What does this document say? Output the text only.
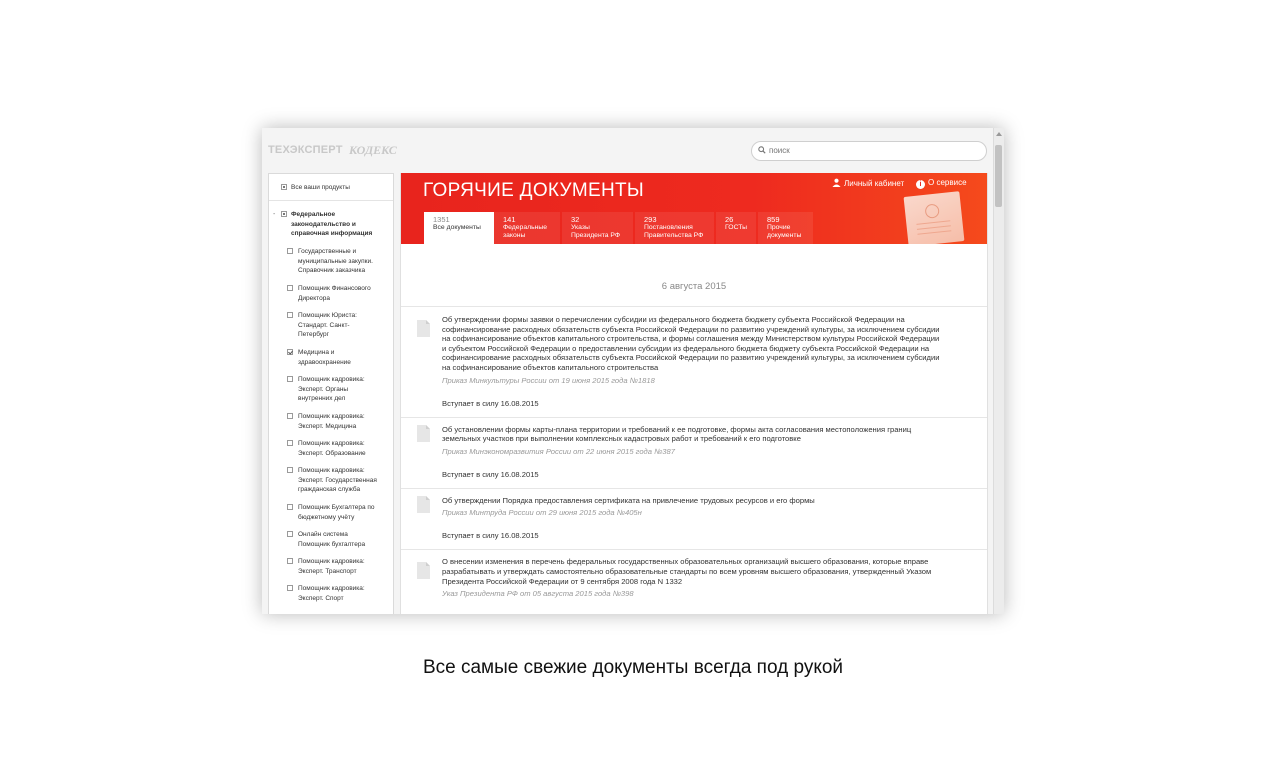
ТЕХЭКСПЕРТ КОДЕКС
поиск
Все ваши продукты
- Федеральное
законодательство и
справочная информация

Государственные и
муниципальные закупки.
Справочник заказчика

Помощник Финансового
Директора

Помощник Юриста:
Стандарт. Санкт-
Петербург

Медицина и
здравоохранение

Помощник кадровика:
Эксперт. Органы
внутренних дел

Помощник кадровика:
Эксперт. Медицина

Помощник кадровика:
Эксперт. Образование

Помощник кадровика:
Эксперт. Государственная
гражданская служба

Помощник Бухгалтера по
бюджетному учёту

Онлайн система
Помощник бухгалтера

Помощник кадровика:
Эксперт. Транспорт

Помощник кадровика:
Эксперт. Спорт

ГОРЯЧИЕ ДОКУМЕНТЫ	Личный кабинет	i О сервисе
1351
Все документы

141
Федеральные
законы

32
Указы
Президента РФ

293
Постановления
Правительства РФ

26
ГОСТы

859
Прочие
документы

6 августа 2015
Об утверждении формы заявки о перечислении субсидии из федерального бюджета бюджету субъекта Российской Федерации на
софинансирование расходных обязательств субъекта Российской Федерации по развитию учреждений культуры, за исключением субсидии
на софинансирование объектов капитального строительства, и формы соглашения между Министерством культуры Российской Федерации
и субъектом Российской Федерации о предоставлении субсидии из федерального бюджета бюджету субъекта Российской Федерации на
софинансирование расходных обязательств субъекта Российской Федерации по развитию учреждений культуры, за исключением субсидии
на софинансирование объектов капитального строительства

Приказ Минкультуры России от 19 июня 2015 года №1818
Вступает в силу 16.08.2015
Об установлении формы карты-плана территории и требований к ее подготовке, формы акта согласования местоположения границ
земельных участков при выполнении комплексных кадастровых работ и требований к его подготовке

Приказ Минэкономразвития России от 22 июня 2015 года №387
Вступает в силу 16.08.2015
Об утверждении Порядка предоставления сертификата на привлечение трудовых ресурсов и его формы

Приказ Минтруда России от 29 июня 2015 года №405н
Вступает в силу 16.08.2015
О внесении изменения в перечень федеральных государственных образовательных организаций высшего образования, которые вправе
разрабатывать и утверждать самостоятельно образовательные стандарты по всем уровням высшего образования, утвержденный Указом
Президента Российской Федерации от 9 сентября 2008 года N 1332

Указ Президента РФ от 05 августа 2015 года №398
Все самые свежие документы всегда под рукой
